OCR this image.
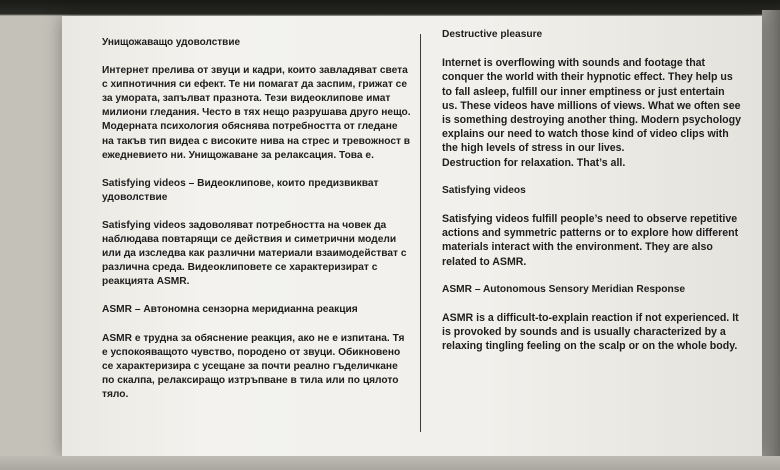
Унищожаващо удоволствие

Интернет прелива от звуци и кадри, които завладяват света с хипнотичния си ефект. Те ни помагат да заспим, грижат се за умората, запълват празнота. Тези видеоклипове имат милиони гледания. Често в тях нещо разрушава друго нещо. Модерната психология обяснява потребността от гледане на такъв тип видеа с високите нива на стрес и тревожност в ежедневието ни. Унищожаване за релаксация. Това е.

Satisfying videos – Видеоклипове, които предизвикват удоволствие

Satisfying videos задоволяват потребността на човек да наблюдава повтарящи се действия и симетрични модели или да изследва как различни материали взаимодействат с различна среда. Видеоклиповете се характеризират с реакцията ASMR.

ASMR – Автономна сензорна меридианна реакция

ASMR е трудна за обяснение реакция, ако не е изпитана. Тя е успокояващото чувство, породено от звуци. Обикновено се характеризира с усещане за почти реално гъделичкане по скалпа, релаксиращо изтръпване в тила или по цялото тяло.

Destructive pleasure

Internet is overflowing with sounds and footage that conquer the world with their hypnotic effect. They help us to fall asleep, fulfill our inner emptiness or just entertain us. These videos have millions of views. What we often see is something destroying another thing. Modern psychology explains our need to watch those kind of video clips with the high levels of stress in our lives.

Destruction for relaxation. That’s all.

Satisfying videos

Satisfying videos fulfill people’s need to observe repetitive actions and symmetric patterns or to explore how different materials interact with the environment. They are also related to ASMR.

ASMR – Autonomous Sensory Meridian Response

ASMR is a difficult-to-explain reaction if not experienced. It is provoked by sounds and is usually characterized by a relaxing tingling feeling on the scalp or on the whole body.
